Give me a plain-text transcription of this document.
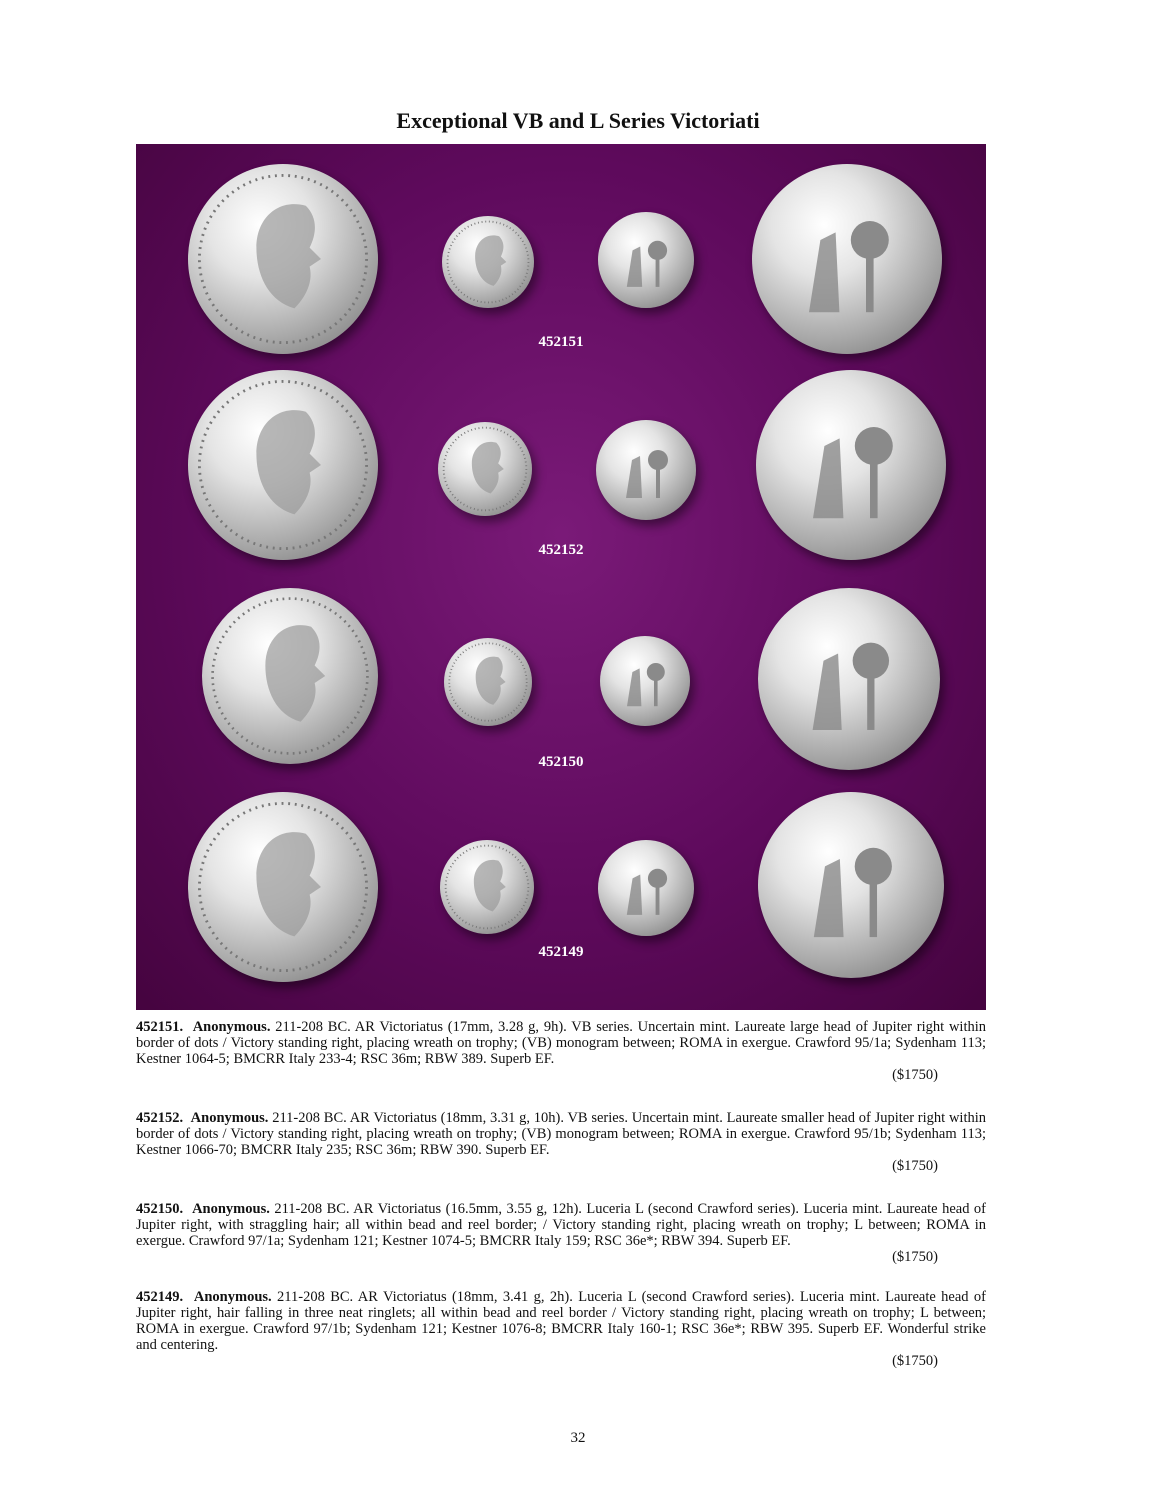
Exceptional VB and L Series Victoriati
452151
452152
452150
452149
452151. Anonymous. 211-208 BC. AR Victoriatus (17mm, 3.28 g, 9h). VB series. Uncertain mint. Laureate large head of Jupiter right within border of dots / Victory standing right, placing wreath on trophy; (VB) monogram between; ROMA in exergue. Crawford 95/1a; Sydenham 113; Kestner 1064-5; BMCRR Italy 233-4; RSC 36m; RBW 389. Superb EF.
($1750)
452152. Anonymous. 211-208 BC. AR Victoriatus (18mm, 3.31 g, 10h). VB series. Uncertain mint. Laureate smaller head of Jupiter right within border of dots / Victory standing right, placing wreath on trophy; (VB) monogram between; ROMA in exergue. Crawford 95/1b; Sydenham 113; Kestner 1066-70; BMCRR Italy 235; RSC 36m; RBW 390. Superb EF.
($1750)
452150. Anonymous. 211-208 BC. AR Victoriatus (16.5mm, 3.55 g, 12h). Luceria L (second Crawford series). Luceria mint. Laureate head of Jupiter right, with straggling hair; all within bead and reel border; / Victory standing right, placing wreath on trophy; L between; ROMA in exergue. Crawford 97/1a; Sydenham 121; Kestner 1074-5; BMCRR Italy 159; RSC 36e*; RBW 394. Superb EF.
($1750)
452149. Anonymous. 211-208 BC. AR Victoriatus (18mm, 3.41 g, 2h). Luceria L (second Crawford series). Luceria mint. Laureate head of Jupiter right, hair falling in three neat ringlets; all within bead and reel border / Victory standing right, placing wreath on trophy; L between; ROMA in exergue. Crawford 97/1b; Sydenham 121; Kestner 1076-8; BMCRR Italy 160-1; RSC 36e*; RBW 395. Superb EF. Wonderful strike and centering.
($1750)
32
